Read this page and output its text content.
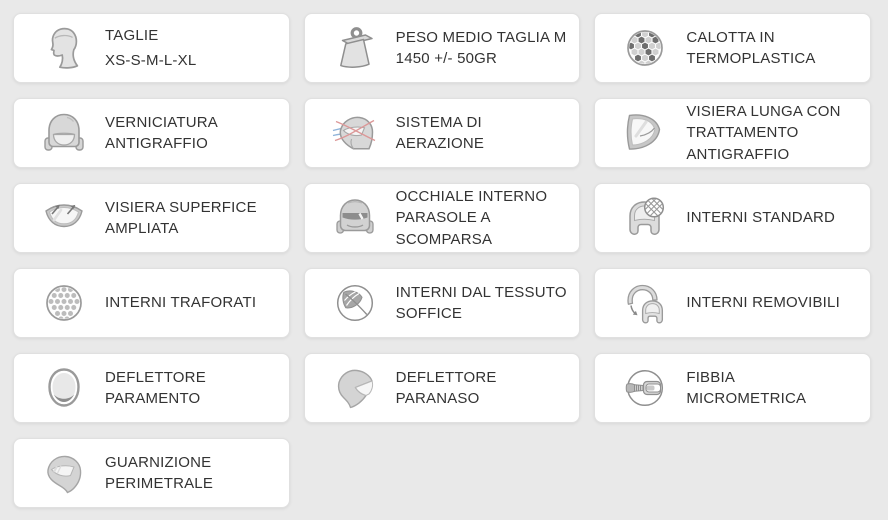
TAGLIE
XS-S-M-L-XL
PESO MEDIO TAGLIA M 1450 +/- 50GR
CALOTTA IN TERMOPLASTICA
VERNICIATURA ANTIGRAFFIO
SISTEMA DI AERAZIONE
VISIERA LUNGA CON TRATTAMENTO ANTIGRAFFIO
VISIERA SUPERFICE AMPLIATA
OCCHIALE INTERNO PARASOLE A SCOMPARSA
INTERNI STANDARD
INTERNI TRAFORATI
INTERNI DAL TESSUTO SOFFICE
INTERNI REMOVIBILI
DEFLETTORE PARAMENTO
DEFLETTORE PARANASO
FIBBIA MICROMETRICA
GUARNIZIONE PERIMETRALE
